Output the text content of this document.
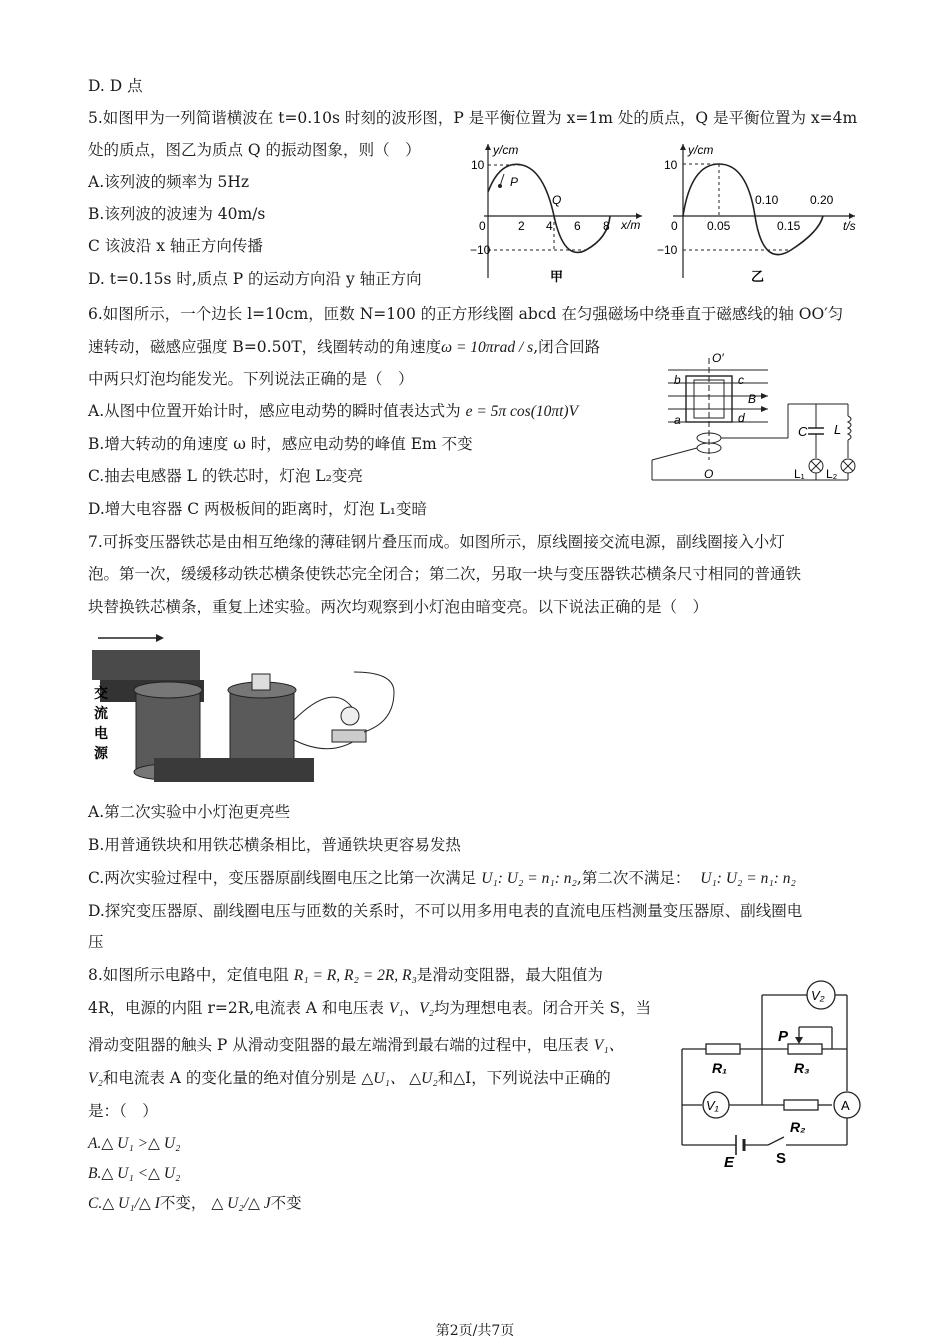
D. D 点
5.如图甲为一列简谐横波在 t=0.10s 时刻的波形图，P 是平衡位置为 x=1m 处的质点，Q 是平衡位置为 x=4m
处的质点，图乙为质点 Q 的振动图象，则（　）
A.该列波的频率为 5Hz
B.该列波的波速为 40m/s
C 该波沿 x 轴正方向传播
D. t=0.15s 时,质点 P 的运动方向沿 y 轴正方向
y/cm
x/m
10
−10
0	2 4 6 8
P
Q
甲
y/cm
t/s
10
−10
0 0.05
0.10
0.15
0.20
乙
6.如图所示，一个边长 l=10cm，匝数 N=100 的正方形线圈 abcd 在匀强磁场中绕垂直于磁感线的轴 OO′匀
速转动，磁感应强度 B=0.50T，线圈转动的角速度ω = 10πrad / s,闭合回路
中两只灯泡均能发光。下列说法正确的是（　）
A.从图中位置开始计时，感应电动势的瞬时值表达式为 e = 5π cos(10πt)V
B.增大转动的角速度 ω 时，感应电动势的峰值 Em 不变
C.抽去电感器 L 的铁芯时，灯泡 L₂变亮
D.增大电容器 C 两极板间的距离时，灯泡 L₁变暗
O′
O
a
b	c
d
B
C L
L₁ L₂
7.可拆变压器铁芯是由相互绝缘的薄硅钢片叠压而成。如图所示，原线圈接交流电源，副线圈接入小灯
泡。第一次，缓缓移动铁芯横条使铁芯完全闭合；第二次，另取一块与变压器铁芯横条尺寸相同的普通铁
块替换铁芯横条，重复上述实验。两次均观察到小灯泡由暗变亮。以下说法正确的是（　）
交
流
电
源
A.第二次实验中小灯泡更亮些
B.用普通铁块和用铁芯横条相比，普通铁块更容易发热
C.两次实验过程中，变压器原副线圈电压之比第一次满足 U₁: U₂ = n₁: n₂,第二次不满足： U₁: U₂ = n₁: n₂
D.探究变压器原、副线圈电压与匝数的关系时，不可以用多用电表的直流电压档测量变压器原、副线圈电
压
8.如图所示电路中，定值电阻 R₁ = R, R₂ = 2R, R₃是滑动变阻器，最大阻值为
4R，电源的内阻 r=2R,电流表 A 和电压表 V₁、V₂均为理想电表。闭合开关 S，当
滑动变阻器的触头 P 从滑动变阻器的最左端滑到最右端的过程中，电压表 V₁、
V₂和电流表 A 的变化量的绝对值分别是 △U₁、 △U₂和△I，下列说法中正确的
是：（　）
A.△ U₁ >△ U₂
B.△ U₁ <△ U₂
C.△ U₁/△ I不变， △ U₂/△ J不变
V₂
P
R₁	R₃
V₁
R₂
A
E	S
第2页/共7页
